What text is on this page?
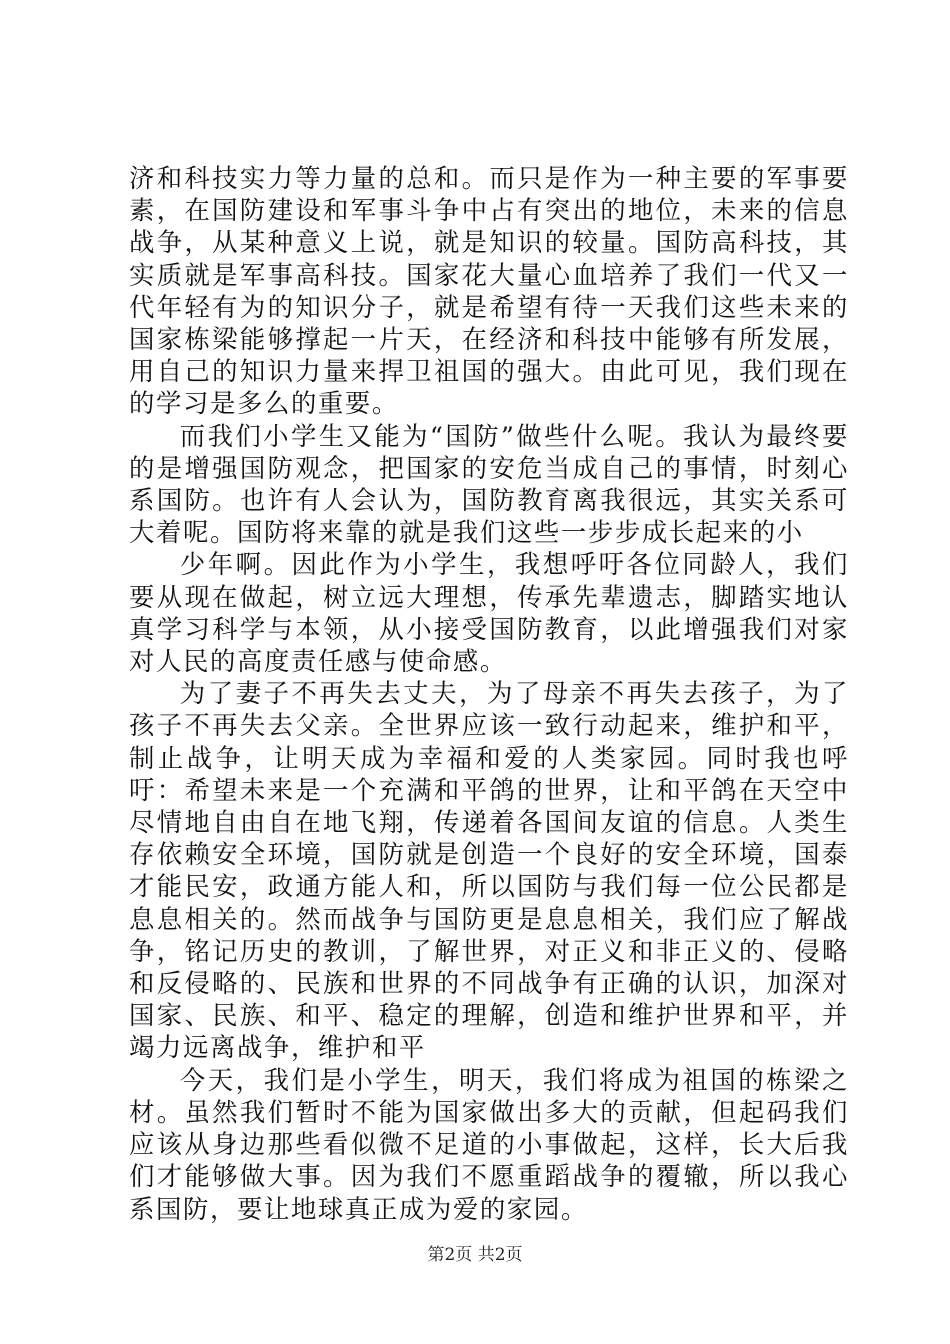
济和科技实力等力量的总和。而只是作为一种主要的军事要素，在国防建设和军事斗争中占有突出的地位，未来的信息战争，从某种意义上说，就是知识的较量。国防高科技，其实质就是军事高科技。国家花大量心血培养了我们一代又一代年轻有为的知识分子，就是希望有待一天我们这些未来的国家栋梁能够撑起一片天，在经济和科技中能够有所发展，用自己的知识力量来捍卫祖国的强大。由此可见，我们现在的学习是多么的重要。

而我们小学生又能为“国防”做些什么呢。我认为最终要的是增强国防观念，把国家的安危当成自己的事情，时刻心系国防。也许有人会认为，国防教育离我很远，其实关系可大着呢。国防将来靠的就是我们这些一步步成长起来的小

少年啊。因此作为小学生，我想呼吁各位同龄人，我们要从现在做起，树立远大理想，传承先辈遗志，脚踏实地认真学习科学与本领，从小接受国防教育，以此增强我们对家对人民的高度责任感与使命感。

为了妻子不再失去丈夫，为了母亲不再失去孩子，为了孩子不再失去父亲。全世界应该一致行动起来，维护和平，制止战争，让明天成为幸福和爱的人类家园。同时我也呼吁：希望未来是一个充满和平鸽的世界，让和平鸽在天空中尽情地自由自在地飞翔，传递着各国间友谊的信息。人类生存依赖安全环境，国防就是创造一个良好的安全环境，国泰才能民安，政通方能人和，所以国防与我们每一位公民都是息息相关的。然而战争与国防更是息息相关，我们应了解战争，铭记历史的教训，了解世界，对正义和非正义的、侵略和反侵略的、民族和世界的不同战争有正确的认识，加深对国家、民族、和平、稳定的理解，创造和维护世界和平，并竭力远离战争，维护和平

今天，我们是小学生，明天，我们将成为祖国的栋梁之材。虽然我们暂时不能为国家做出多大的贡献，但起码我们应该从身边那些看似微不足道的小事做起，这样，长大后我们才能够做大事。因为我们不愿重蹈战争的覆辙，所以我心系国防，要让地球真正成为爱的家园。

第2页 共2页
